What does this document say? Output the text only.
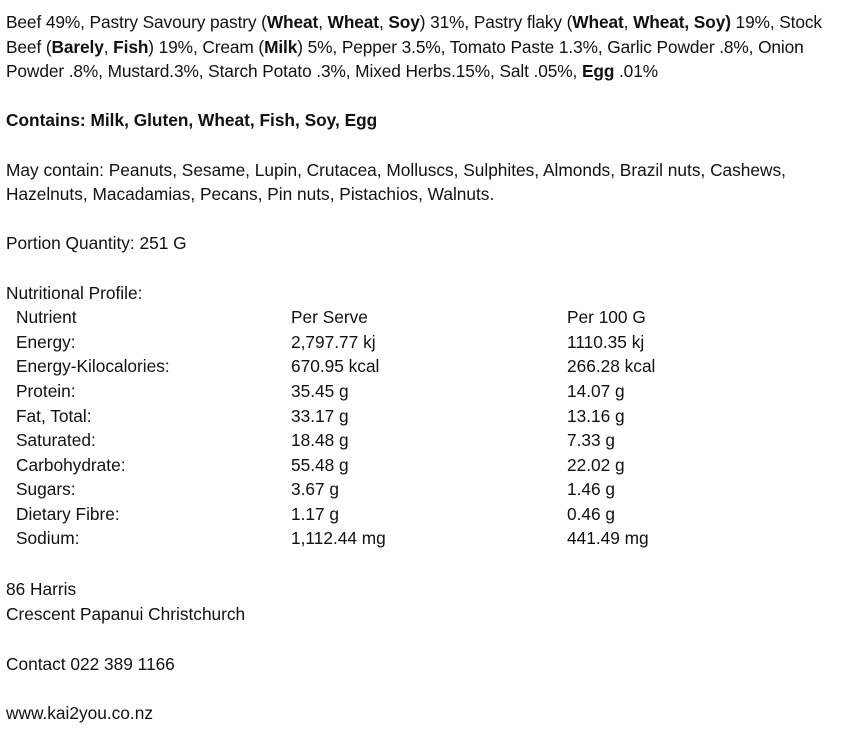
Beef 49%, Pastry Savoury pastry (Wheat, Wheat, Soy) 31%, Pastry flaky (Wheat, Wheat, Soy) 19%, Stock Beef (Barely, Fish) 19%, Cream (Milk) 5%, Pepper 3.5%, Tomato Paste 1.3%, Garlic Powder .8%, Onion Powder .8%, Mustard.3%, Starch Potato .3%, Mixed Herbs.15%, Salt .05%, Egg .01%

Contains: Milk, Gluten, Wheat, Fish, Soy, Egg

May contain: Peanuts, Sesame, Lupin, Crutacea, Molluscs, Sulphites, Almonds, Brazil nuts, Cashews, Hazelnuts, Macadamias, Pecans, Pin nuts, Pistachios, Walnuts.

Portion Quantity: 251 G

Nutritional Profile:

Nutrient	Per Serve	Per 100 G
Energy:	2,797.77 kj	1110.35 kj
Energy-Kilocalories:	670.95 kcal	266.28 kcal
Protein:	35.45 g	14.07 g
Fat, Total:	33.17 g	13.16 g
Saturated:	18.48 g	7.33 g
Carbohydrate:	55.48 g	22.02 g
Sugars:	3.67 g	1.46 g
Dietary Fibre:	1.17 g	0.46 g
Sodium:	1,112.44 mg	441.49 mg
86 Harris
Crescent Papanui Christchurch

Contact 022 389 1166

www.kai2you.co.nz
